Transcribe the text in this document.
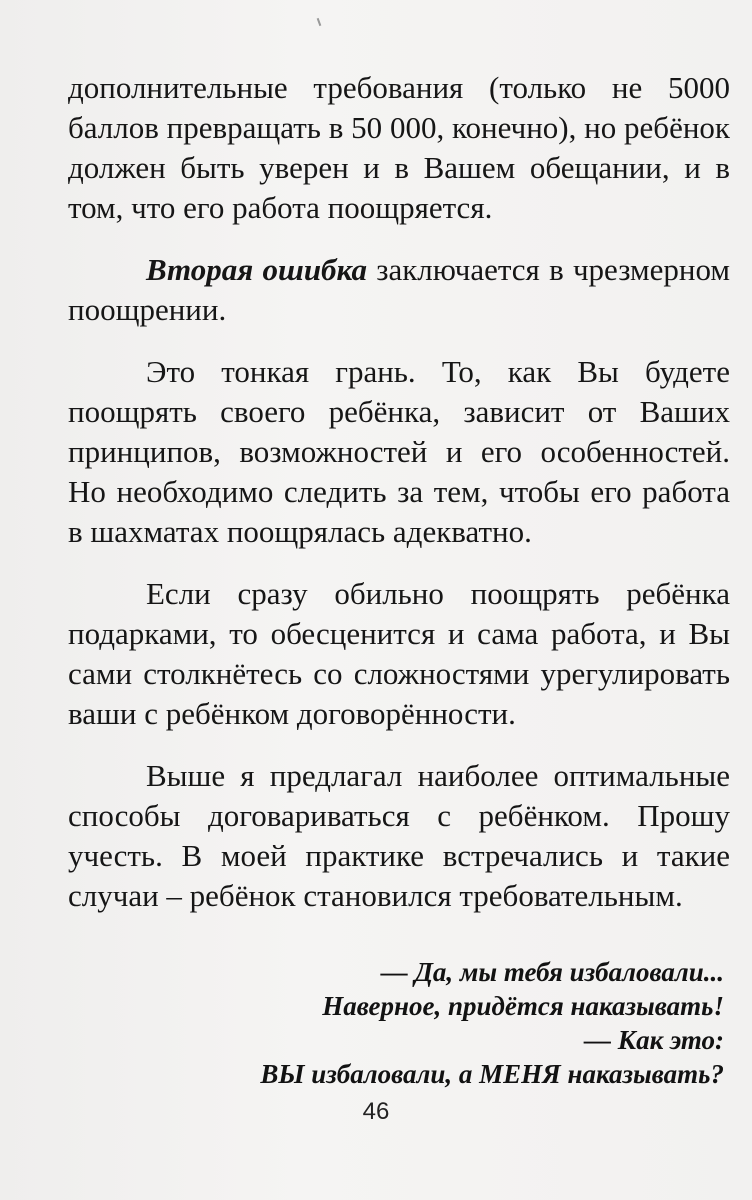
дополнительные требования (только не 5000 баллов превращать в 50 000, конечно), но ребёнок должен быть уверен и в Вашем обещании, и в том, что его работа поощряется.

Вторая ошибка заключается в чрезмерном поощрении.

Это тонкая грань. То, как Вы будете поощрять своего ребёнка, зависит от Ваших принципов, возможностей и его особенностей. Но необходимо следить за тем, чтобы его работа в шахматах поощрялась адекватно.

Если сразу обильно поощрять ребёнка подарками, то обесценится и сама работа, и Вы сами столкнётесь со сложностями урегулировать ваши с ребёнком договорённости.

Выше я предлагал наиболее оптимальные способы договариваться с ребёнком. Прошу учесть. В моей практике встречались и такие случаи – ребёнок становился требовательным.

— Да, мы тебя избаловали...
Наверное, придётся наказывать!
— Как это:
ВЫ избаловали, а МЕНЯ наказывать?
46
